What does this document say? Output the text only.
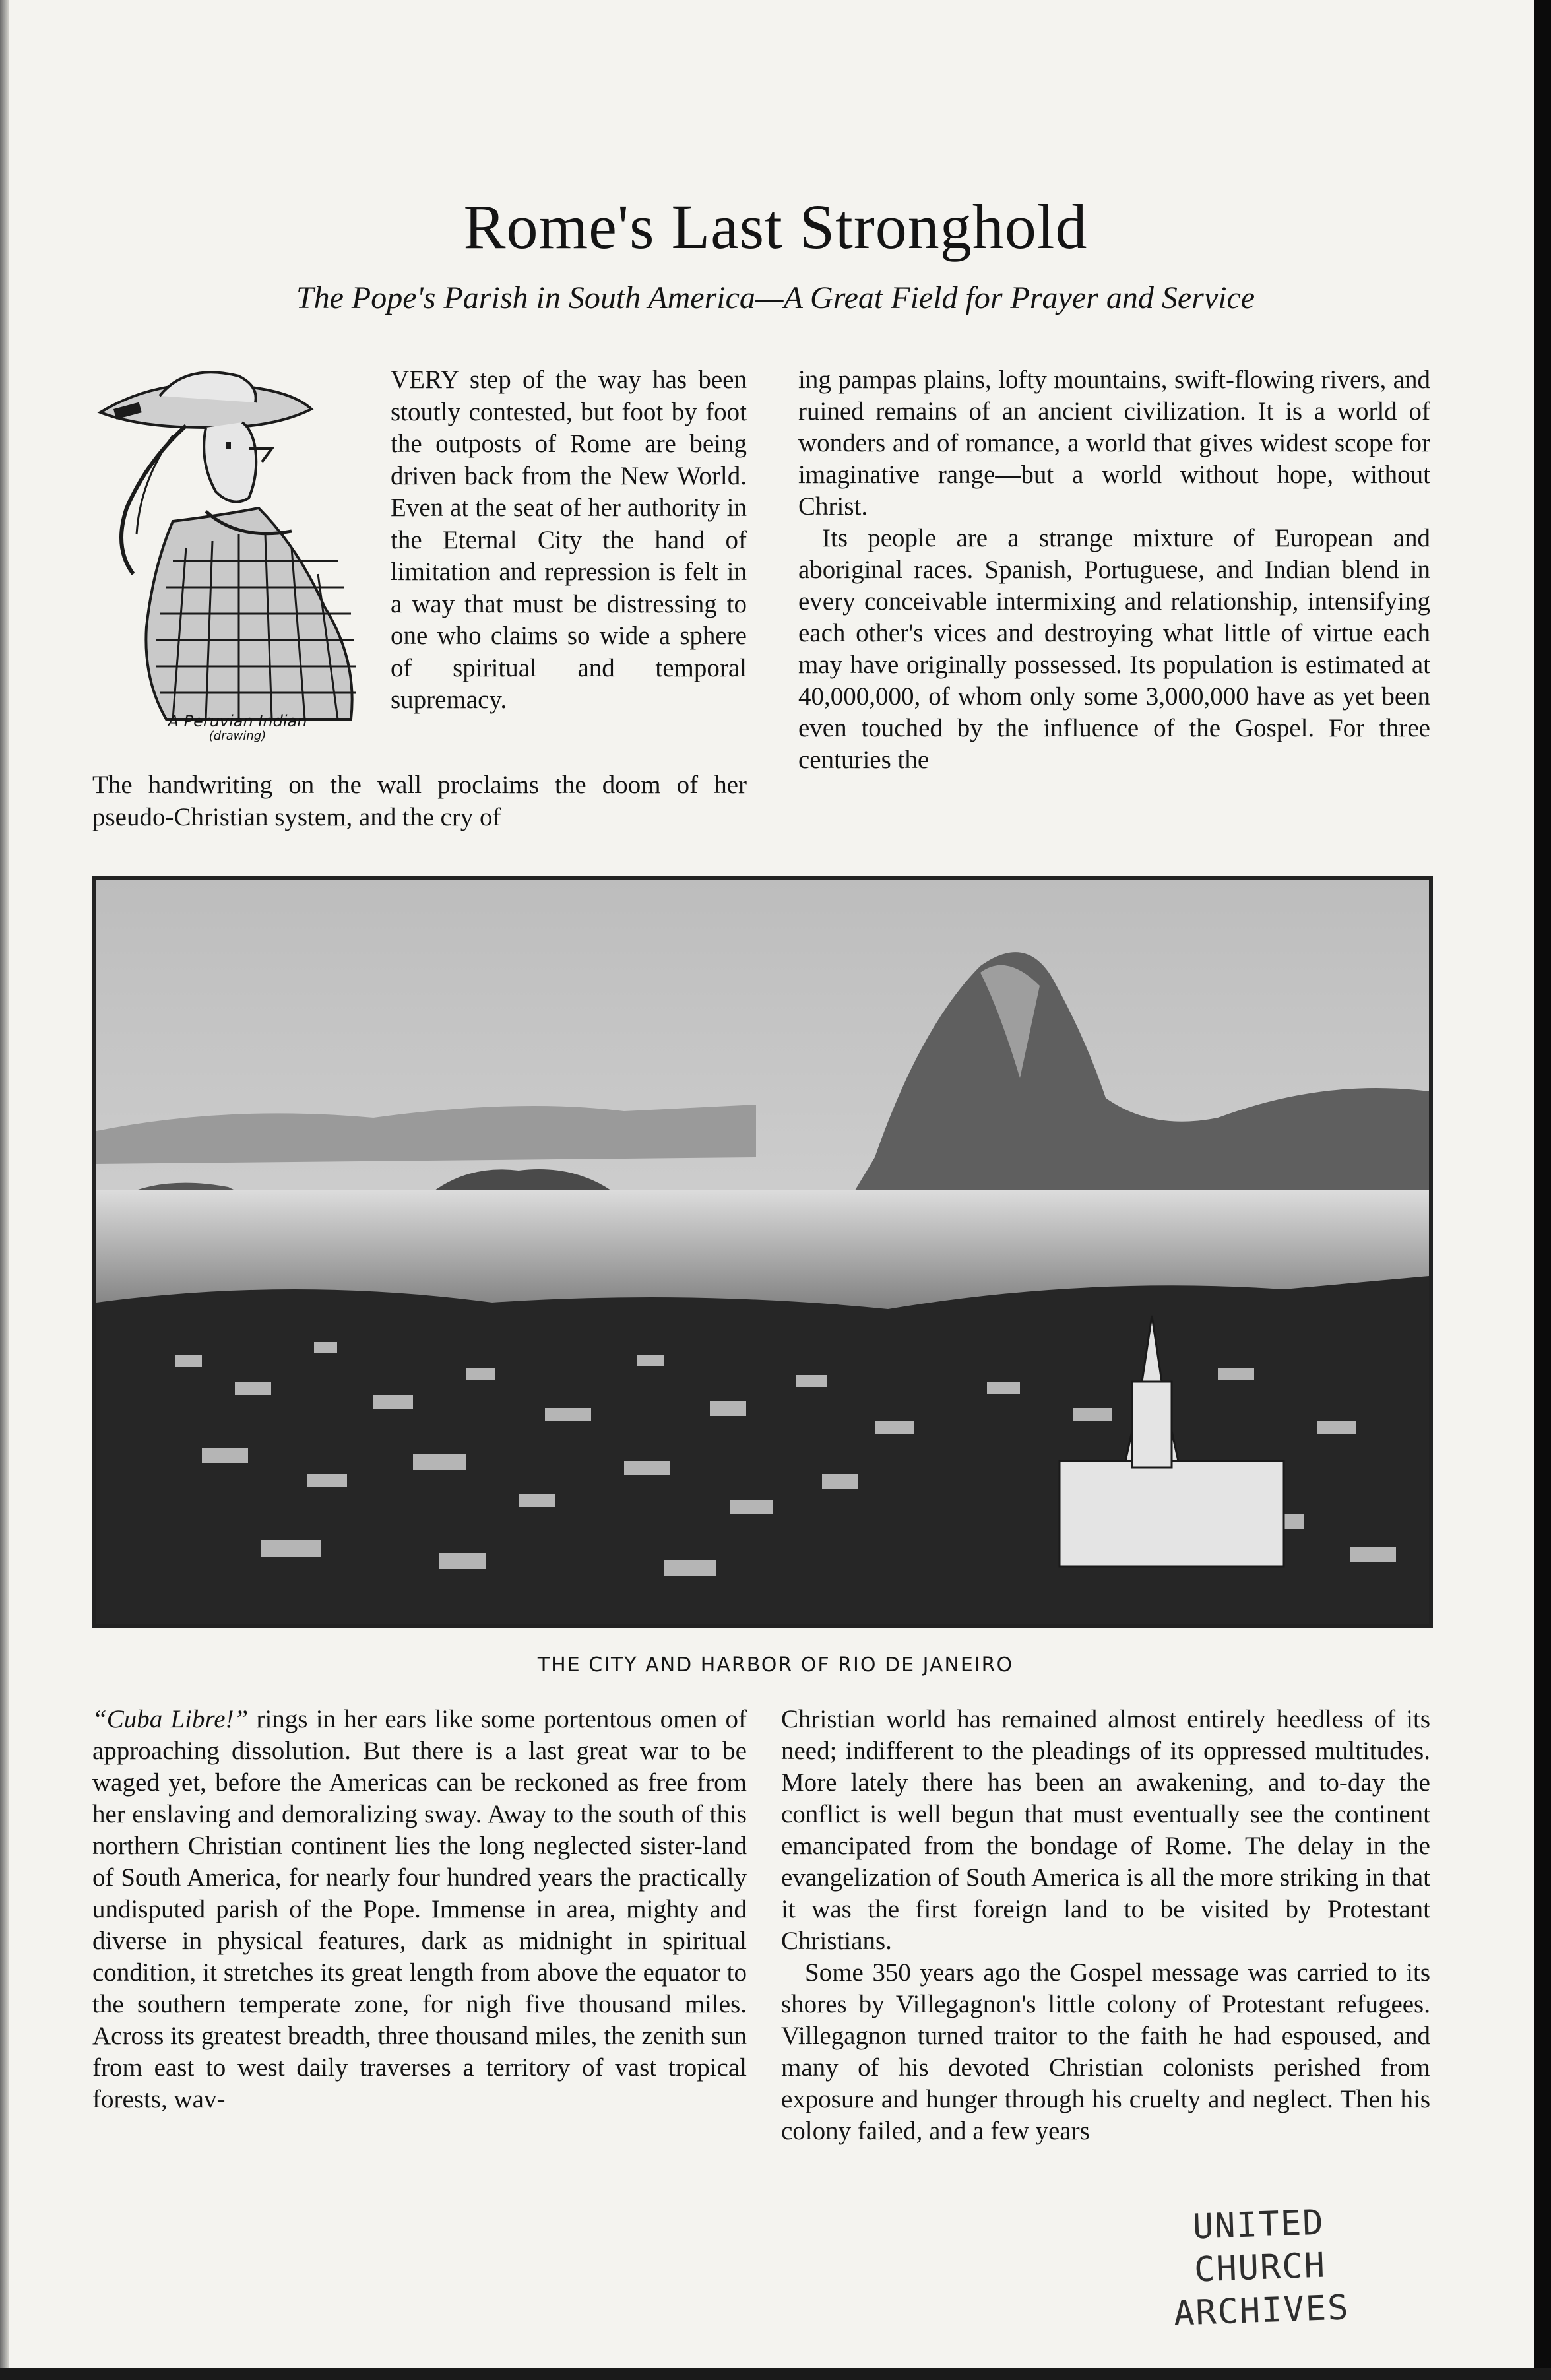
Rome's Last Stronghold
The Pope's Parish in South America—A Great Field for Prayer and Service
A Peruvian Indian
(drawing)

VERY step of the way has been stoutly contested, but foot by foot the outposts of Rome are being driven back from the New World. Even at the seat of her authority in the Eternal City the hand of limitation and repression is felt in a way that must be distressing to one who claims so wide a sphere of spiritual and temporal supremacy.

The handwriting on the wall proclaims the doom of her pseudo-Christian system, and the cry of

ing pampas plains, lofty mountains, swift-flowing rivers, and ruined remains of an ancient civilization. It is a world of wonders and of romance, a world that gives widest scope for imaginative range—but a world without hope, without Christ.

Its people are a strange mixture of European and aboriginal races. Spanish, Portuguese, and Indian blend in every conceivable intermixing and relationship, intensifying each other's vices and destroying what little of virtue each may have originally possessed. Its population is estimated at 40,000,000, of whom only some 3,000,000 have as yet been even touched by the influence of the Gospel. For three centuries the

THE CITY AND HARBOR OF RIO DE JANEIRO

“Cuba Libre!” rings in her ears like some portentous omen of approaching dissolution. But there is a last great war to be waged yet, before the Americas can be reckoned as free from her enslaving and demoralizing sway. Away to the south of this northern Christian continent lies the long neglected sister-land of South America, for nearly four hundred years the practically undisputed parish of the Pope. Immense in area, mighty and diverse in physical features, dark as midnight in spiritual condition, it stretches its great length from above the equator to the southern temperate zone, for nigh five thousand miles. Across its greatest breadth, three thousand miles, the zenith sun from east to west daily traverses a territory of vast tropical forests, wav-

Christian world has remained almost entirely heedless of its need; indifferent to the pleadings of its oppressed multitudes. More lately there has been an awakening, and to-day the conflict is well begun that must eventually see the continent emancipated from the bondage of Rome. The delay in the evangelization of South America is all the more striking in that it was the first foreign land to be visited by Protestant Christians.

Some 350 years ago the Gospel message was carried to its shores by Villegagnon's little colony of Protestant refugees. Villegagnon turned traitor to the faith he had espoused, and many of his devoted Christian colonists perished from exposure and hunger through his cruelty and neglect. Then his colony failed, and a few years

UNITED CHURCH
ARCHIVES
